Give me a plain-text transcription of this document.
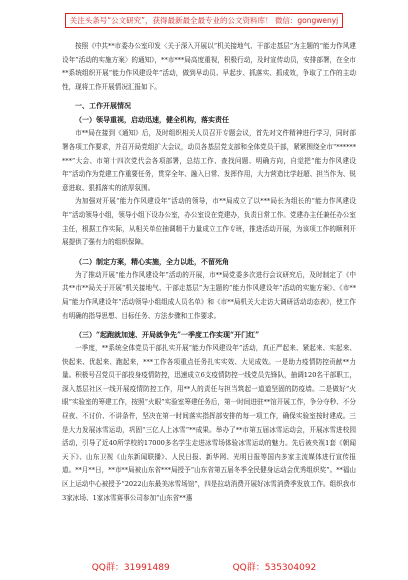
关注头条号“公文研究”，获得最新最全最专业的公文资料库！ 微信：gongwenyj

按照《中共**市委办公室印发〈关于深入开展以“机关接地气、干部走基层”为主题的“能力作风建设年”活动的实施方案〉的通知》，**市***局高度重视，积极行动，及时宣传动员，安排部署，在全市**系统组织开展“能力作风建设年”活动，做到早动员、早起步、抓落实、抓成效，争取了工作的主动性，现将工作开展情况汇报如下。

一、工作开展情况
（一）领导重视，启动迅速，健全机构，落实责任

市**局在接到《通知》后，及时组织相关人员召开专题会议，首先对文件精神进行学习，同时部署各项工作要求，并召开局党组扩大会议，动员各基层党支部和全体党员干部，紧紧围绕全市“*********”大会、市第十四次党代会各项部署，总结工作、查找问题、明确方向，自觉把“能力作风建设年”活动作为党建工作重要任务，贯穿全年、融入日常、发挥作用，大力营造比学赶超、担当作为、锐意进取、狠抓落实的浓厚氛围。

为加强对开展“能力作风建设年”活动的领导，市**局成立了以***局长为组长的“能力作风建设年”活动领导小组，领导小组下设办公室，办公室设在党建办，负责日常工作。党建办主任兼任办公室主任，根据工作实际，从相关单位抽调精干力量成立工作专班，推进活动开展，为该项工作的顺利开展提供了强有力的组织保障。

（二）制定方案，精心实施，全力以赴，不留死角

为了推动开展“能力作风建设年”活动的开展，市**局党委多次进行会议研究后，及时制定了《中共**市**局关于开展“机关接地气、干部走基层”为主题的“能力作风建设年”活动的实施方案》、《市**局“能力作风建设年”活动领导小组组成人员名单》和《市**局机关大走访大调研活动动态表》，使工作有明确的指导思想、目标任务、方法步骤和工作要求。

（三）“起跑就加速、开局就争先”一季度工作实现“开门红”

一季度，**系统全体党员干部扎实开展“能力作风建设年”活动，真正严起来、紧起来、实起来、快起来、优起来、跑起来，***工作各项重点任务扎实实效、大见成效。一是助力疫情防控贡献**力量。积极号召党员干部投身疫情防控，迅速成立6支疫情防控一线党员先锋队，抽调120名干部职工，深入基层社区一线开展疫情防控工作，用**人的责任与担当筑起一道道坚固的防疫墙。二是做好“火眼”实验室的筹建工作，按照“火眼”实验室筹建任务后，第一时间进驻**馆开展工作，争分夺秒、不分昼夜、不讨价、不讲条件，坚决在第一时间落实指挥部安排的每一项工作，确保实验室按时建成。三是大力发展冰雪运动，巩固“三亿人上冰雪”**成果。举办了**市第五届冰雪运动会，开展冰雪进校园活动，引导了近40所学校的17000多名学生走进冰雪场体验冰雪运动的魅力。先后被央视1套《朝闻天下》、山东卫视《山东新闻联播》、人民日报、新华网、光明日报等国内多家主流媒体进行宣传报道。**月**日，**市**局被山东省***局授予“山东省第五届冬季全民健身运动会优秀组织奖”。**福山区上运动中心被授予“2022山东最美冰雪场馆”，四是拉动消费开展好冰雪消费季发放工作。组织我市3家冰场、1家冰雪赛事公司参加“山东省**惠

QQ群：31991489	QQ群：535304092
